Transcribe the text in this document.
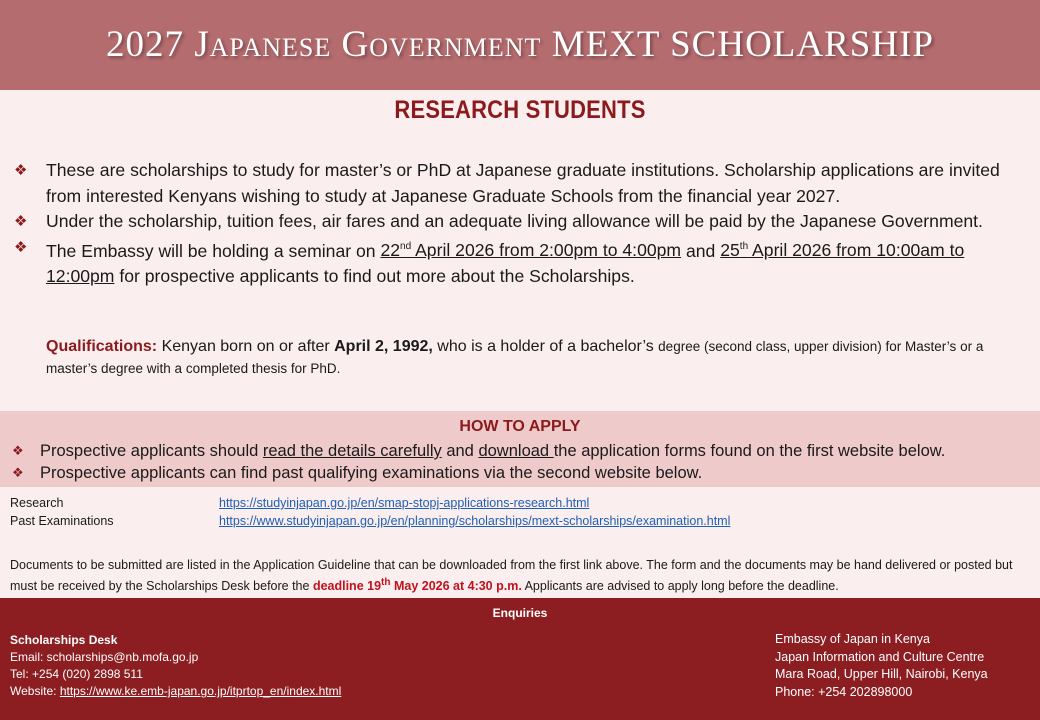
2027 Japanese Government MEXT SCHOLARSHIP
RESEARCH STUDENTS
❖ These are scholarships to study for master’s or PhD at Japanese graduate institutions. Scholarship applications are invited from interested Kenyans wishing to study at Japanese Graduate Schools from the financial year 2027.
❖ Under the scholarship, tuition fees, air fares and an adequate living allowance will be paid by the Japanese Government.
❖ The Embassy will be holding a seminar on 22nd April 2026 from 2:00pm to 4:00pm and 25th April 2026 from 10:00am to 12:00pm for prospective applicants to find out more about the Scholarships.
Qualifications: Kenyan born on or after April 2, 1992, who is a holder of a bachelor’s degree (second class, upper division) for Master’s or a master’s degree with a completed thesis for PhD.
HOW TO APPLY
❖ Prospective applicants should read the details carefully and download the application forms found on the first website below.
❖ Prospective applicants can find past qualifying examinations via the second website below.
Research	https://studyinjapan.go.jp/en/smap-stopj-applications-research.html
Past Examinations	https://www.studyinjapan.go.jp/en/planning/scholarships/mext-scholarships/examination.html
Documents to be submitted are listed in the Application Guideline that can be downloaded from the first link above. The form and the documents may be hand delivered or posted but must be received by the Scholarships Desk before the deadline 19th May 2026 at 4:30 p.m. Applicants are advised to apply long before the deadline.
Enquiries
Scholarships Desk
Email: scholarships@nb.mofa.go.jp
Tel: +254 (020) 2898 511
Website: https://www.ke.emb-japan.go.jp/itprtop_en/index.html
Embassy of Japan in Kenya
Japan Information and Culture Centre
Mara Road, Upper Hill, Nairobi, Kenya
Phone: +254 202898000
